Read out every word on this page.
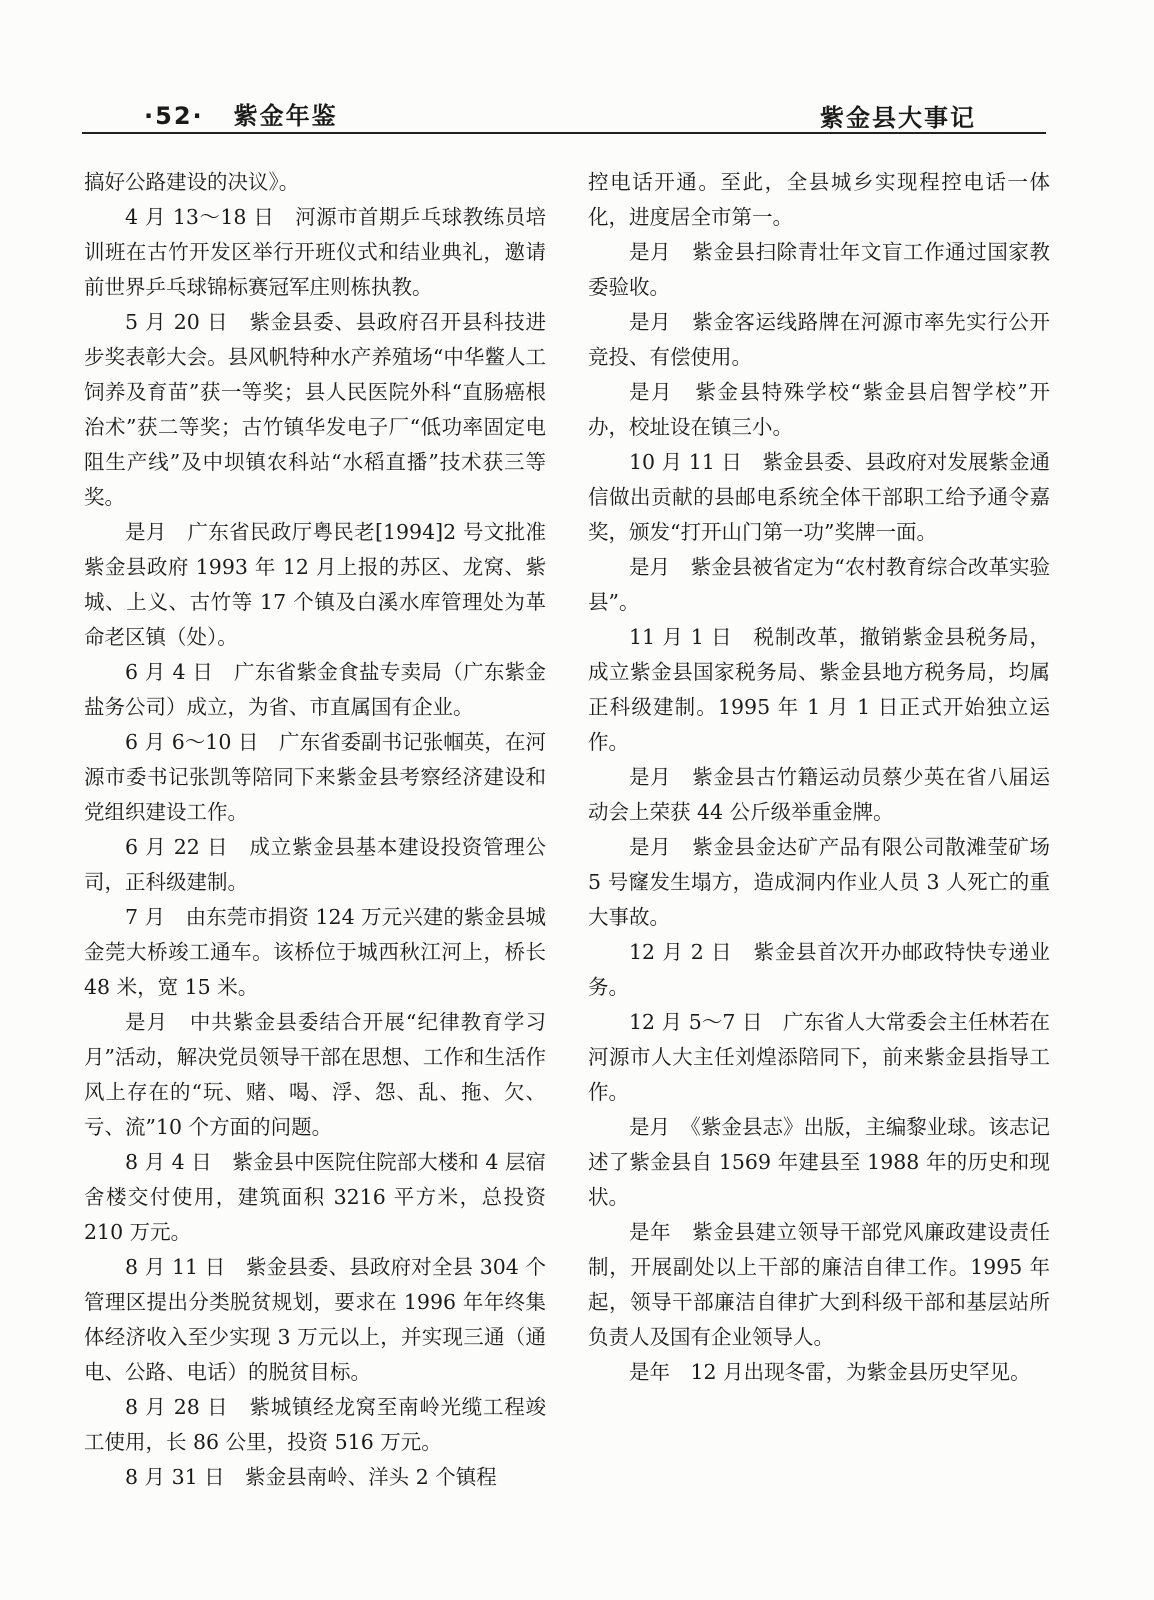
·52· 紫金年鉴	紫金县大事记

搞好公路建设的决议》。

4 月 13～18 日　河源市首期乒乓球教练员培训班在古竹开发区举行开班仪式和结业典礼，邀请前世界乒乓球锦标赛冠军庄则栋执教。

5 月 20 日　紫金县委、县政府召开县科技进步奖表彰大会。县风帆特种水产养殖场“中华鳖人工饲养及育苗”获一等奖；县人民医院外科“直肠癌根治术”获二等奖；古竹镇华发电子厂“低功率固定电阻生产线”及中坝镇农科站“水稻直播”技术获三等奖。

是月　广东省民政厅粤民老[1994]2 号文批准紫金县政府 1993 年 12 月上报的苏区、龙窝、紫城、上义、古竹等 17 个镇及白溪水库管理处为革命老区镇（处）。

6 月 4 日　广东省紫金食盐专卖局（广东紫金盐务公司）成立，为省、市直属国有企业。

6 月 6～10 日　广东省委副书记张帼英，在河源市委书记张凯等陪同下来紫金县考察经济建设和党组织建设工作。

6 月 22 日　成立紫金县基本建设投资管理公司，正科级建制。

7 月　由东莞市捐资 124 万元兴建的紫金县城金莞大桥竣工通车。该桥位于城西秋江河上，桥长 48 米，宽 15 米。

是月　中共紫金县委结合开展“纪律教育学习月”活动，解决党员领导干部在思想、工作和生活作风上存在的“玩、赌、喝、浮、怨、乱、拖、欠、亏、流”10 个方面的问题。

8 月 4 日　紫金县中医院住院部大楼和 4 层宿舍楼交付使用，建筑面积 3216 平方米，总投资 210 万元。

8 月 11 日　紫金县委、县政府对全县 304 个管理区提出分类脱贫规划，要求在 1996 年年终集体经济收入至少实现 3 万元以上，并实现三通（通电、公路、电话）的脱贫目标。

8 月 28 日　紫城镇经龙窝至南岭光缆工程竣工使用，长 86 公里，投资 516 万元。

8 月 31 日　紫金县南岭、洋头 2 个镇程

控电话开通。至此，全县城乡实现程控电话一体化，进度居全市第一。

是月　紫金县扫除青壮年文盲工作通过国家教委验收。

是月　紫金客运线路牌在河源市率先实行公开竞投、有偿使用。

是月　紫金县特殊学校“紫金县启智学校”开办，校址设在镇三小。

10 月 11 日　紫金县委、县政府对发展紫金通信做出贡献的县邮电系统全体干部职工给予通令嘉奖，颁发“打开山门第一功”奖牌一面。

是月　紫金县被省定为“农村教育综合改革实验县”。

11 月 1 日　税制改革，撤销紫金县税务局，成立紫金县国家税务局、紫金县地方税务局，均属正科级建制。1995 年 1 月 1 日正式开始独立运作。

是月　紫金县古竹籍运动员蔡少英在省八届运动会上荣获 44 公斤级举重金牌。

是月　紫金县金达矿产品有限公司散滩莹矿场 5 号窿发生塌方，造成洞内作业人员 3 人死亡的重大事故。

12 月 2 日　紫金县首次开办邮政特快专递业务。

12 月 5～7 日　广东省人大常委会主任林若在河源市人大主任刘煌添陪同下，前来紫金县指导工作。

是月　《紫金县志》出版，主编黎业球。该志记述了紫金县自 1569 年建县至 1988 年的历史和现状。

是年　紫金县建立领导干部党风廉政建设责任制，开展副处以上干部的廉洁自律工作。1995 年起，领导干部廉洁自律扩大到科级干部和基层站所负责人及国有企业领导人。

是年　12 月出现冬雷，为紫金县历史罕见。
